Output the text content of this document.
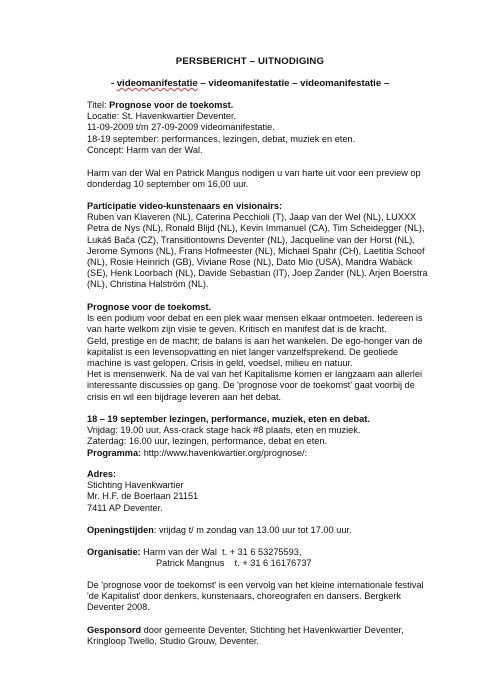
PERSBERICHT – UITNODIGING
- videomanifestatie – videomanifestatie – videomanifestatie –
Titel: Prognose voor de toekomst.
Locatie: St. Havenkwartier Deventer.
11-09-2009 t/m 27-09-2009 videomanifestatie.
18-19 september: performances, lezingen, debat, muziek en eten.
Concept: Harm van der Wal.
Harm van der Wal en Patrick Mangus nodigen u van harte uit voor een preview op
donderdag 10 september om 16,00 uur.
Participatie video-kunstenaars en visionairs:
Ruben van Klaveren (NL), Caterina Pecchioli (T), Jaap van der Wel (NL), LUXXX
Petra de Nys (NL), Ronald Blijd (NL), Kevin Immanuel (CA), Tim Scheidegger (NL),
Lukáš Bača (CZ), Transitiontowns Deventer (NL), Jacqueline van der Horst (NL),
Jerome Symons (NL), Frans Hofmeester (NL), Michael Spahr (CH), Laetitia Schoof
(NL), Rosie Heinrich (GB), Viviane Rose (NL), Dato Mio (USA), Mandra Wabäck
(SE), Henk Loorbach (NL), Davide Sebastian (IT), Joep Zander (NL). Arjen Boerstra
(NL), Christina Halström (NL).
Prognose voor de toekomst.
Is een podium voor debat en een plek waar mensen elkaar ontmoeten. Iedereen is
van harte welkom zijn visie te geven. Kritisch en manifest dat is de kracht.
Geld, prestige en de macht; de balans is aan het wankelen. De ego-honger van de
kapitalist is een levensopvatting en niet langer vanzelfsprekend. De geoliede
machine is vast gelopen. Crisis in geld, voedsel, milieu en natuur.
Het is mensenwerk. Na de val van het Kapitalisme komen er langzaam aan allerlei
interessante discussies op gang. De 'prognose voor de toekomst' gaat voorbij de
crisis en wil een bijdrage leveren aan het debat.
18 – 19 september lezingen, performance, muziek, eten en debat.
Vrijdag: 19.00 uur, Ass-crack stage hack #8 plaats, eten en muziek.
Zaterdag: 16.00 uur, lezingen, performance, debat en eten.
Programma: http://www.havenkwartier.org/prognose/:
Adres:
Stichting Havenkwartier
Mr. H.F. de Boerlaan 21151
7411 AP Deventer.
Openingstijden: vrijdag t/ m zondag van 13.00 uur tot 17.00 uur.
Organisatie: Harm van der Wal t. + 31 6 53275593,
Patrick Mangnus t. + 31 6 16176737
De 'prognose voor de toekomst' is een vervolg van het kleine internationale festival
'de Kapitalist' door denkers, kunstenaars, choreografen en dansers. Bergkerk
Deventer 2008.
Gesponsord door gemeente Deventer, Stichting het Havenkwartier Deventer,
Kringloop Twello, Studio Grouw, Deventer.
